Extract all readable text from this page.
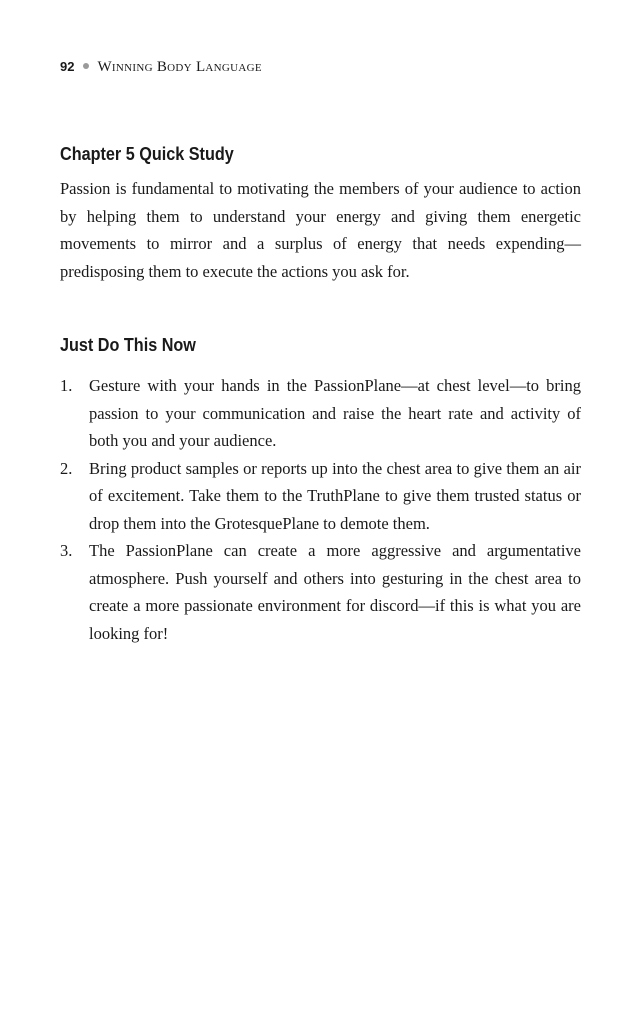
92 Winning Body Language
Chapter 5 Quick Study

Passion is fundamental to motivating the members of your audience to action by helping them to understand your energy and giving them energetic movements to mirror and a surplus of energy that needs expending—predisposing them to execute the actions you ask for.

Just Do This Now
1. Gesture with your hands in the PassionPlane—at chest level—to bring passion to your communication and raise the heart rate and activity of both you and your audience.
2. Bring product samples or reports up into the chest area to give them an air of excitement. Take them to the TruthPlane to give them trusted status or drop them into the GrotesquePlane to demote them.
3. The PassionPlane can create a more aggressive and argumentative atmosphere. Push yourself and others into gesturing in the chest area to create a more passionate environment for discord—if this is what you are looking for!
